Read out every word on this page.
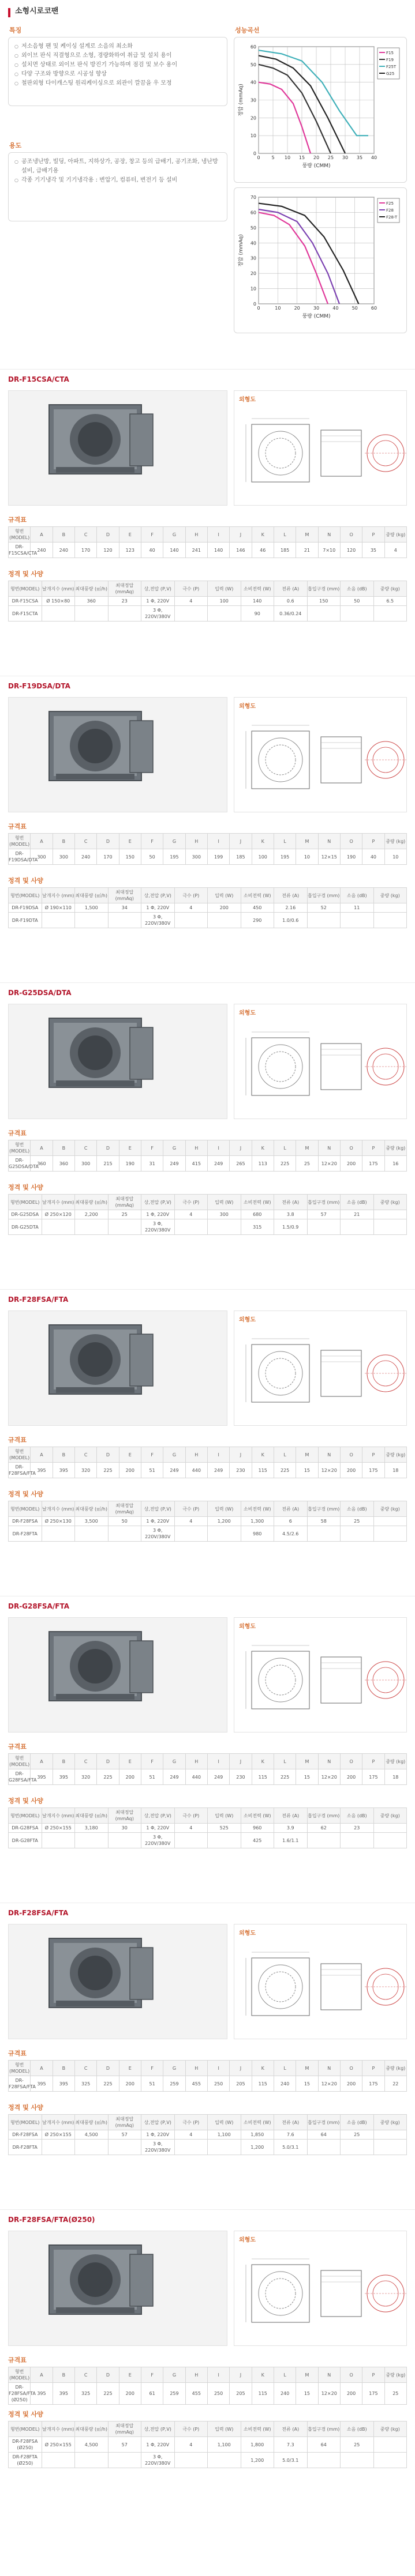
소형시로코팬
특징
○ 저소음형 팬 및 케이싱 설계로 소음의 최소화
○ 외이브 판식 직결형으로 소형, 경량화하여 취급 및 설치 용이
○ 설치면 상태로 외이브 판식 방진기 가능하며 점검 및 보수 용이
○ 다양 구조와 방향으로 시공성 향상
○ 철판외형 다이캐스팅 원리케이싱으로 외관이 깔끔을 우 모정
용도
○ 공조냉난방, 빌딩, 아파트, 지하상가, 공장, 창고 등의 급배기, 공기조화, 냉난방 설비, 급배기용
○ 각종 기기냉각 및 기기냉각용 : 변압기, 컴퓨터, 변전기 등 설비
성능곡선
0 5 10 15 20 25 30 35 40
0
10
20
30
40
50
60
풍량 (CMM)
정압 (mmAq)
F15
F19
F25T
G25
0	10	20	30	40	50	60
0
10
20
30
40
50
60
70
풍량 (CMM)
정압 (mmAq)
F25
F28
F28-T
DR-F15CSA/CTA
외형도
규격표
형번(MODEL)	A	B	C	D	E	F	G	H	I	J	K	L	M	N	O	P	중량 (kg)
DR-F15CSA/CTA	240	240	170	120	123	40	140	241	140	146	46	185	21	7×10	120	35	4
정격 및 사양
형번(MODEL)	날개지수 (mm)	최대풍량 (㎥/h)	최대정압 (mmAq)	상,전압 (P,V)	극수 (P)	입력 (W)	소비전력 (W)	전류 (A)	흡입구경 (mm)	소음 (dB)	중량 (kg)
DR-F15CSA	Ø 150×80	360	23	1 Φ, 220V	4	100	140	0.6	150	50	6.5
DR-F15CTA				3 Φ, 220V/380V			90	0.36/0.24			
DR-F19DSA/DTA
외형도
규격표
형번(MODEL)	A	B	C	D	E	F	G	H	I	J	K	L	M	N	O	P	중량 (kg)
DR-F19DSA/DTA	300	300	240	170	150	50	195	300	199	185	100	195	10	12×15	190	40	10
정격 및 사양
형번(MODEL)	날개지수 (mm)	최대풍량 (㎥/h)	최대정압 (mmAq)	상,전압 (P,V)	극수 (P)	입력 (W)	소비전력 (W)	전류 (A)	흡입구경 (mm)	소음 (dB)	중량 (kg)
DR-F19DSA	Ø 190×110	1,500	34	1 Φ, 220V	4	200	450	2.16	52	11	
DR-F19DTA				3 Φ, 220V/380V			290	1.0/0.6			
DR-G25DSA/DTA
외형도
규격표
형번(MODEL)	A	B	C	D	E	F	G	H	I	J	K	L	M	N	O	P	중량 (kg)
DR-G25DSA/DTA	360	360	300	215	190	31	249	415	249	265	113	225	25	12×20	200	175	16
정격 및 사양
형번(MODEL)	날개지수 (mm)	최대풍량 (㎥/h)	최대정압 (mmAq)	상,전압 (P,V)	극수 (P)	입력 (W)	소비전력 (W)	전류 (A)	흡입구경 (mm)	소음 (dB)	중량 (kg)
DR-G25DSA	Ø 250×120	2,200	25	1 Φ, 220V	4	300	680	3.8	57	21	
DR-G25DTA				3 Φ, 220V/380V			315	1.5/0.9			
DR-F28FSA/FTA
외형도
규격표
형번(MODEL)	A	B	C	D	E	F	G	H	I	J	K	L	M	N	O	P	중량 (kg)
DR-F28FSA/FTA	395	395	320	225	200	51	249	440	249	230	115	225	15	12×20	200	175	18
정격 및 사양
형번(MODEL)	날개지수 (mm)	최대풍량 (㎥/h)	최대정압 (mmAq)	상,전압 (P,V)	극수 (P)	입력 (W)	소비전력 (W)	전류 (A)	흡입구경 (mm)	소음 (dB)	중량 (kg)
DR-F28FSA	Ø 250×130	3,500	50	1 Φ, 220V	4	1,200	1,300	6	58	25	
DR-F28FTA				3 Φ, 220V/380V			980	4.5/2.6			
DR-G28FSA/FTA
외형도
규격표
형번(MODEL)	A	B	C	D	E	F	G	H	I	J	K	L	M	N	O	P	중량 (kg)
DR-G28FSA/FTA	395	395	320	225	200	51	249	440	249	230	115	225	15	12×20	200	175	18
정격 및 사양
형번(MODEL)	날개지수 (mm)	최대풍량 (㎥/h)	최대정압 (mmAq)	상,전압 (P,V)	극수 (P)	입력 (W)	소비전력 (W)	전류 (A)	흡입구경 (mm)	소음 (dB)	중량 (kg)
DR-G28FSA	Ø 250×155	3,180	30	1 Φ, 220V	4	525	960	3.9	62	23	
DR-G28FTA				3 Φ, 220V/380V			425	1.6/1.1			
DR-F28FSA/FTA
외형도
규격표
형번(MODEL)	A	B	C	D	E	F	G	H	I	J	K	L	M	N	O	P	중량 (kg)
DR-F28FSA/FTA	395	395	325	225	200	51	259	455	250	205	115	240	15	12×20	200	175	22
정격 및 사양
형번(MODEL)	날개지수 (mm)	최대풍량 (㎥/h)	최대정압 (mmAq)	상,전압 (P,V)	극수 (P)	입력 (W)	소비전력 (W)	전류 (A)	흡입구경 (mm)	소음 (dB)	중량 (kg)
DR-F28FSA	Ø 250×155	4,500	57	1 Φ, 220V	4	1,100	1,850	7.6	64	25	
DR-F28FTA				3 Φ, 220V/380V			1,200	5.0/3.1			
DR-F28FSA/FTA(Ø250)
외형도
규격표
형번(MODEL)	A	B	C	D	E	F	G	H	I	J	K	L	M	N	O	P	중량 (kg)
DR-F28FSA/FTA (Ø250)	395	395	325	225	200	61	259	455	250	205	115	240	15	12×20	200	175	25
정격 및 사양
형번(MODEL)	날개지수 (mm)	최대풍량 (㎥/h)	최대정압 (mmAq)	상,전압 (P,V)	극수 (P)	입력 (W)	소비전력 (W)	전류 (A)	흡입구경 (mm)	소음 (dB)	중량 (kg)
DR-F28FSA (Ø250)	Ø 250×155	4,500	57	1 Φ, 220V	4	1,100	1,800	7.3	64	25	
DR-F28FTA (Ø250)				3 Φ, 220V/380V			1,200	5.0/3.1			
